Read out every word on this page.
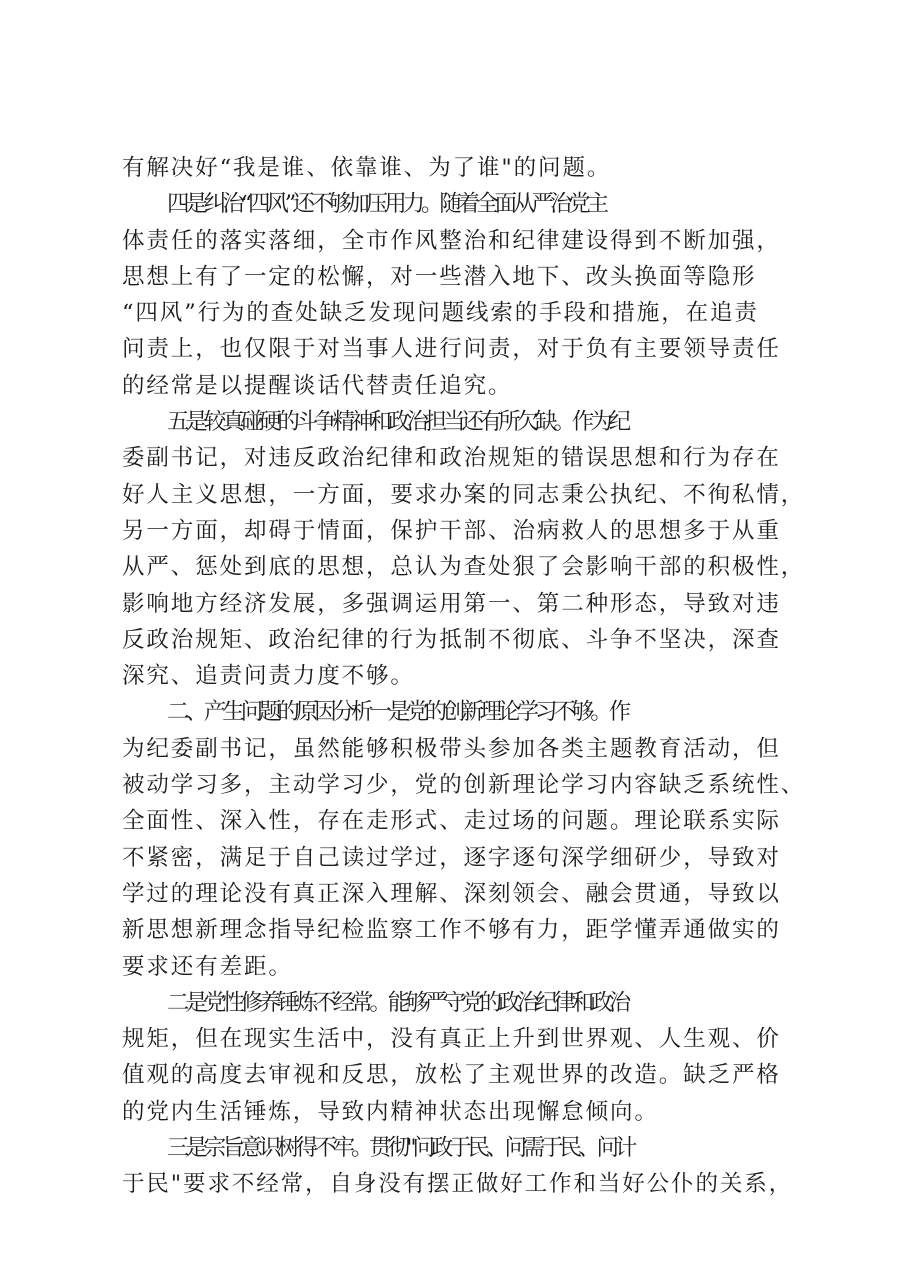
有解决好“我是谁、依靠谁、为了谁"的问题。
四是纠治“四风”还不够加压用力。随着全面从严治党主
体责任的落实落细，全市作风整治和纪律建设得到不断加强，
思想上有了一定的松懈，对一些潜入地下、改头换面等隐形
“四风”行为的查处缺乏发现问题线索的手段和措施，在追责
问责上，也仅限于对当事人进行问责，对于负有主要领导责任
的经常是以提醒谈话代替责任追究。
五是较真碰硬的斗争精神和政治担当还有所欠缺。作为纪
委副书记，对违反政治纪律和政治规矩的错误思想和行为存在
好人主义思想，一方面，要求办案的同志秉公执纪、不徇私情，
另一方面，却碍于情面，保护干部、治病救人的思想多于从重
从严、惩处到底的思想，总认为查处狠了会影响干部的积极性，
影响地方经济发展，多强调运用第一、第二种形态，导致对违
反政治规矩、政治纪律的行为抵制不彻底、斗争不坚决，深查
深究、追责问责力度不够。
二、产生问题的原因分析一是党的创新理论学习不够。作
为纪委副书记，虽然能够积极带头参加各类主题教育活动，但
被动学习多，主动学习少，党的创新理论学习内容缺乏系统性、
全面性、深入性，存在走形式、走过场的问题。理论联系实际
不紧密，满足于自己读过学过，逐字逐句深学细研少，导致对
学过的理论没有真正深入理解、深刻领会、融会贯通，导致以
新思想新理念指导纪检监察工作不够有力，距学懂弄通做实的
要求还有差距。
二是党性修养锤炼不经常。能够严守党的政治纪律和政治
规矩，但在现实生活中，没有真正上升到世界观、人生观、价
值观的高度去审视和反思，放松了主观世界的改造。缺乏严格
的党内生活锤炼，导致内精神状态出现懈怠倾向。
三是宗旨意识树得不牢。贯彻"问政于民、问需于民、问计
于民"要求不经常，自身没有摆正做好工作和当好公仆的关系，
